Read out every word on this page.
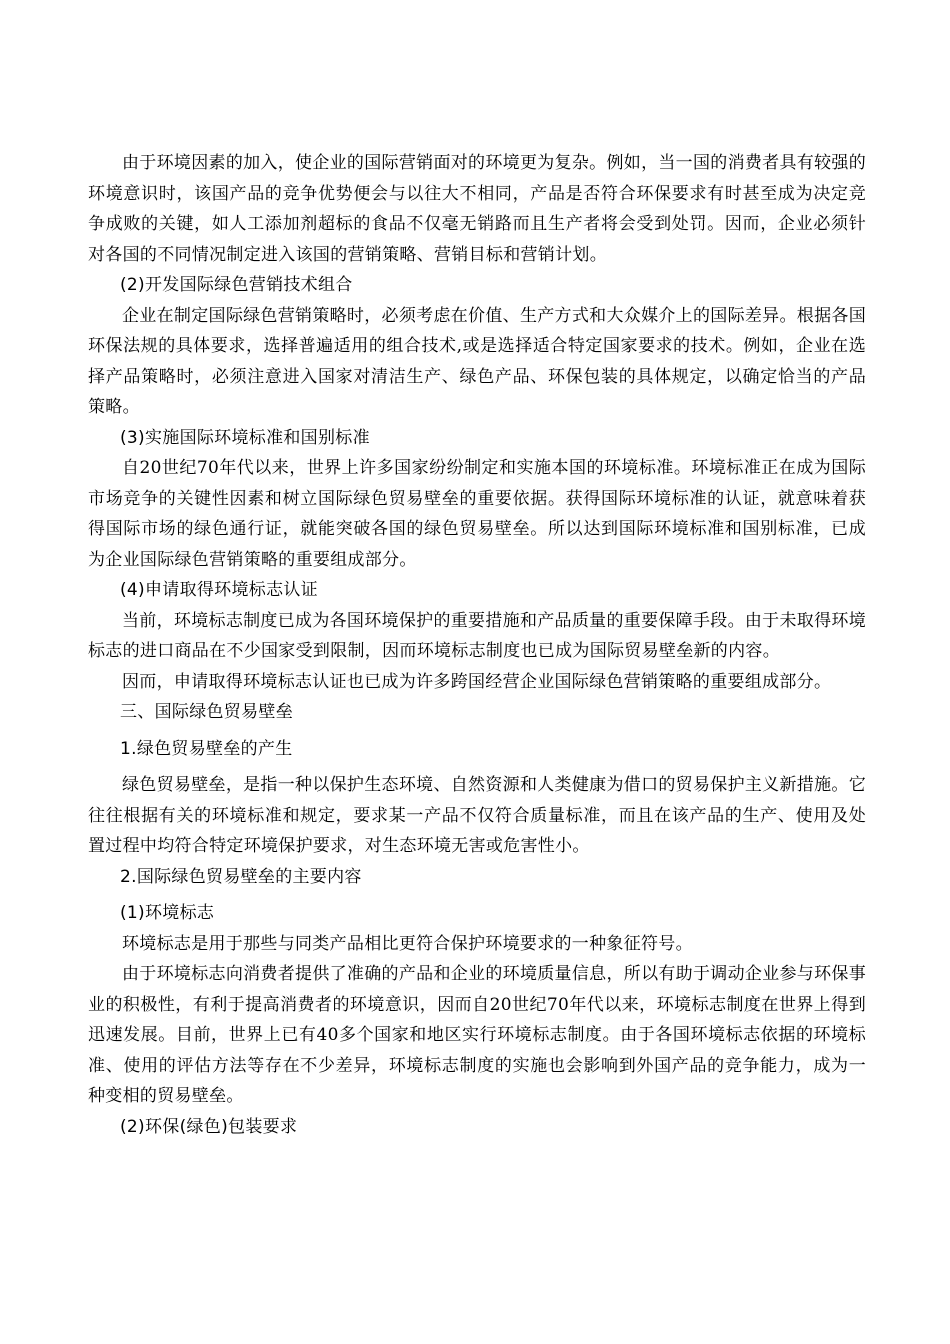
由于环境因素的加入，使企业的国际营销面对的环境更为复杂。例如，当一国的消费者具有较强的环境意识时，该国产品的竞争优势便会与以往大不相同，产品是否符合环保要求有时甚至成为决定竞争成败的关键，如人工添加剂超标的食品不仅毫无销路而且生产者将会受到处罚。因而，企业必须针对各国的不同情况制定进入该国的营销策略、营销目标和营销计划。

(2)开发国际绿色营销技术组合

企业在制定国际绿色营销策略时，必须考虑在价值、生产方式和大众媒介上的国际差异。根据各国环保法规的具体要求，选择普遍适用的组合技术,或是选择适合特定国家要求的技术。例如，企业在选择产品策略时，必须注意进入国家对清洁生产、绿色产品、环保包装的具体规定，以确定恰当的产品策略。

(3)实施国际环境标准和国别标准

自20世纪70年代以来，世界上许多国家纷纷制定和实施本国的环境标准。环境标准正在成为国际市场竞争的关键性因素和树立国际绿色贸易壁垒的重要依据。获得国际环境标准的认证，就意味着获得国际市场的绿色通行证，就能突破各国的绿色贸易壁垒。所以达到国际环境标准和国别标准，已成为企业国际绿色营销策略的重要组成部分。

(4)申请取得环境标志认证

当前，环境标志制度已成为各国环境保护的重要措施和产品质量的重要保障手段。由于未取得环境标志的进口商品在不少国家受到限制，因而环境标志制度也已成为国际贸易壁垒新的内容。

因而，申请取得环境标志认证也已成为许多跨国经营企业国际绿色营销策略的重要组成部分。

三、国际绿色贸易壁垒

1.绿色贸易壁垒的产生

绿色贸易壁垒，是指一种以保护生态环境、自然资源和人类健康为借口的贸易保护主义新措施。它往往根据有关的环境标准和规定，要求某一产品不仅符合质量标准，而且在该产品的生产、使用及处置过程中均符合特定环境保护要求，对生态环境无害或危害性小。

2.国际绿色贸易壁垒的主要内容

(1)环境标志

环境标志是用于那些与同类产品相比更符合保护环境要求的一种象征符号。

由于环境标志向消费者提供了准确的产品和企业的环境质量信息，所以有助于调动企业参与环保事业的积极性，有利于提高消费者的环境意识，因而自20世纪70年代以来，环境标志制度在世界上得到迅速发展。目前，世界上已有40多个国家和地区实行环境标志制度。由于各国环境标志依据的环境标准、使用的评估方法等存在不少差异，环境标志制度的实施也会影响到外国产品的竞争能力，成为一种变相的贸易壁垒。

(2)环保(绿色)包装要求
